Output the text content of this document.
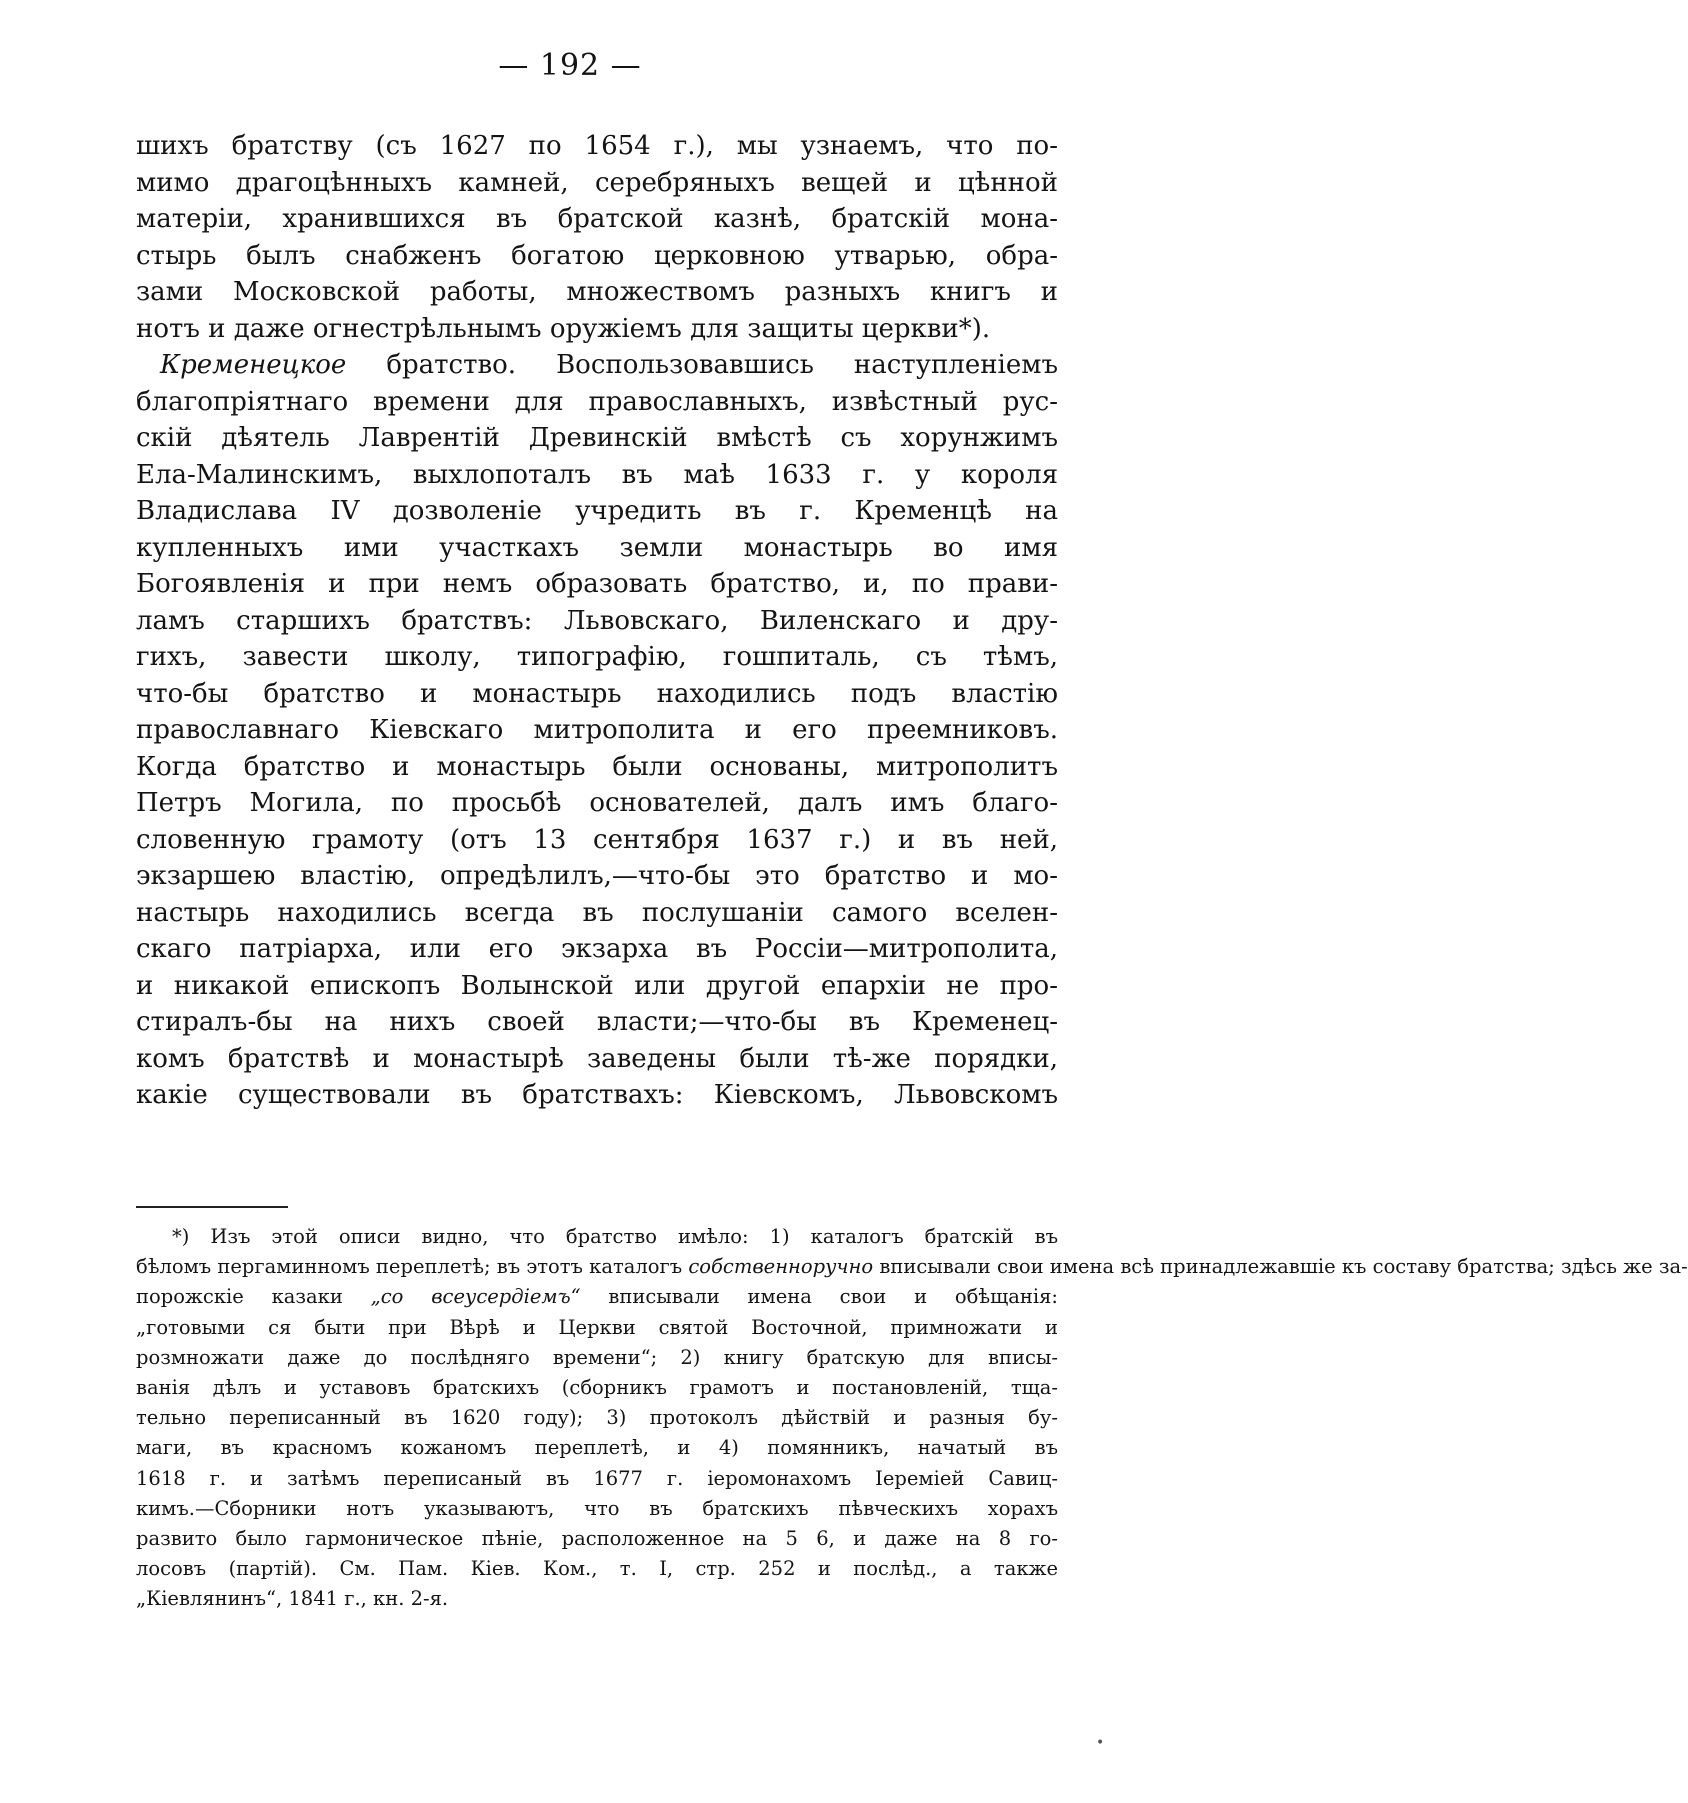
— 192 —
шихъ братству (съ 1627 по 1654 г.), мы узнаемъ, что по-
мимо драгоцѣнныхъ камней, серебряныхъ вещей и цѣнной
матеріи, хранившихся въ братской казнѣ, братскій мона-
стырь былъ снабженъ богатою церковною утварью, обра-
зами Московской работы, множествомъ разныхъ книгъ и
нотъ и даже огнестрѣльнымъ оружіемъ для защиты церкви*).
Кременецкое братство. Воспользовавшись наступленіемъ
благопріятнаго времени для православныхъ, извѣстный рус-
скій дѣятель Лаврентій Древинскій вмѣстѣ съ хорунжимъ
Ела-Малинскимъ, выхлопоталъ въ маѣ 1633 г. у короля
Владислава IV дозволеніе учредить въ г. Кременцѣ на
купленныхъ ими участкахъ земли монастырь во имя
Богоявленія и при немъ образовать братство, и, по прави-
ламъ старшихъ братствъ: Львовскаго, Виленскаго и дру-
гихъ, завести школу, типографію, гошпиталь, съ тѣмъ,
что-бы братство и монастырь находились подъ властію
православнаго Кіевскаго митрополита и его преемниковъ.
Когда братство и монастырь были основаны, митрополитъ
Петръ Могила, по просьбѣ основателей, далъ имъ благо-
словенную грамоту (отъ 13 сентября 1637 г.) и въ ней,
экзаршею властію, опредѣлилъ,—что-бы это братство и мо-
настырь находились всегда въ послушаніи самого вселен-
скаго патріарха, или его экзарха въ Россіи—митрополита,
и никакой епископъ Волынской или другой епархіи не про-
стиралъ-бы на нихъ своей власти;—что-бы въ Кременец-
комъ братствѣ и монастырѣ заведены были тѣ-же порядки,
какіе существовали въ братствахъ: Кіевскомъ, Львовскомъ
*) Изъ этой описи видно, что братство имѣло: 1) каталогъ братскій въ
бѣломъ пергаминномъ переплетѣ; въ этотъ каталогъ собственноручно вписывали свои имена всѣ принадлежавшіе къ составу братства; здѣсь же за-
порожскіе казаки „со всеусердіемъ“ вписывали имена свои и обѣщанія:
„готовыми ся быти при Вѣрѣ и Церкви святой Восточной, примножати и
розмножати даже до послѣдняго времени“; 2) книгу братскую для вписы-
ванія дѣлъ и уставовъ братскихъ (сборникъ грамотъ и постановленій, тща-
тельно переписанный въ 1620 году); 3) протоколъ дѣйствій и разныя бу-
маги, въ красномъ кожаномъ переплетѣ, и 4) помянникъ, начатый въ
1618 г. и затѣмъ переписаный въ 1677 г. іеромонахомъ Іереміей Савиц-
кимъ.—Сборники нотъ указываютъ, что въ братскихъ пѣвческихъ хорахъ
развито было гармоническое пѣніе, расположенное на 5 6, и даже на 8 го-
лосовъ (партій). См. Пам. Кіев. Ком., т. I, стр. 252 и послѣд., а также
„Кіевлянинъ“, 1841 г., кн. 2-я.
•
